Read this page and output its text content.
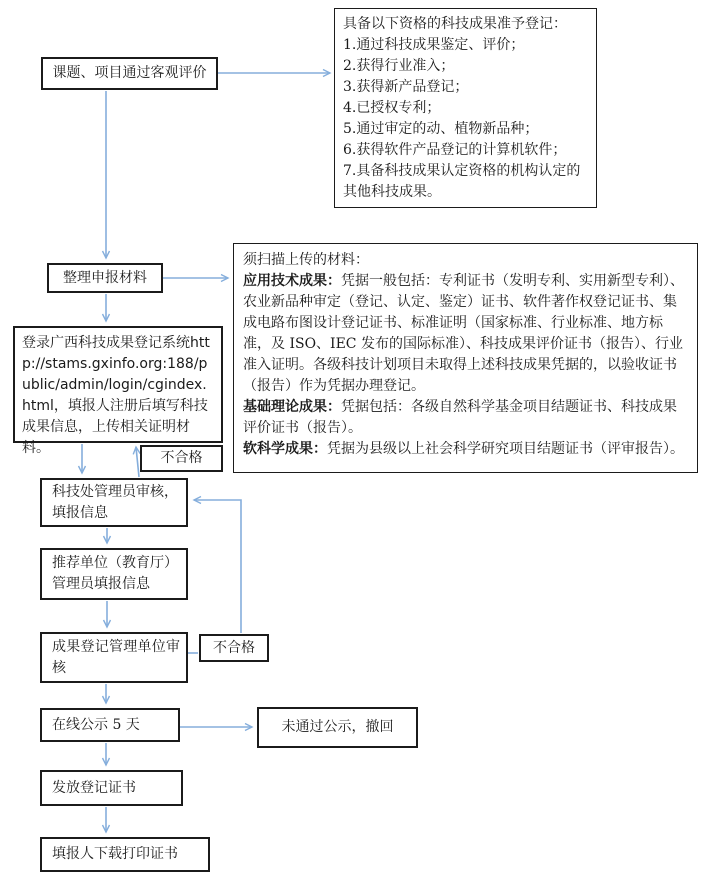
课题、项目通过客观评价
具备以下资格的科技成果准予登记：
1.通过科技成果鉴定、评价；
2.获得行业准入；
3.获得新产品登记；
4.已授权专利；
5.通过审定的动、植物新品种；
6.获得软件产品登记的计算机软件；
7.具备科技成果认定资格的机构认定的其他科技成果。
整理申报材料
登录广西科技成果登记系统http://stams.gxinfo.org:188/public/admin/login/cgindex.html，填报人注册后填写科技成果信息，上传相关证明材料。

须扫描上传的材料：

应用技术成果：凭据一般包括：专利证书（发明专利、实用新型专利）、农业新品种审定（登记、认定、鉴定）证书、软件著作权登记证书、集成电路布图设计登记证书、标准证明（国家标准、行业标准、地方标准，及 ISO、IEC 发布的国际标准）、科技成果评价证书（报告）、行业准入证明。各级科技计划项目未取得上述科技成果凭据的，以验收证书（报告）作为凭据办理登记。

基础理论成果：凭据包括：各级自然科学基金项目结题证书、科技成果评价证书（报告）。

软科学成果：凭据为县级以上社会科学研究项目结题证书（评审报告）。

不合格
科技处管理员审核，填报信息
推荐单位（教育厅）管理员填报信息
成果登记管理单位审核
不合格
在线公示 5 天	未通过公示，撤回
发放登记证书
填报人下载打印证书
